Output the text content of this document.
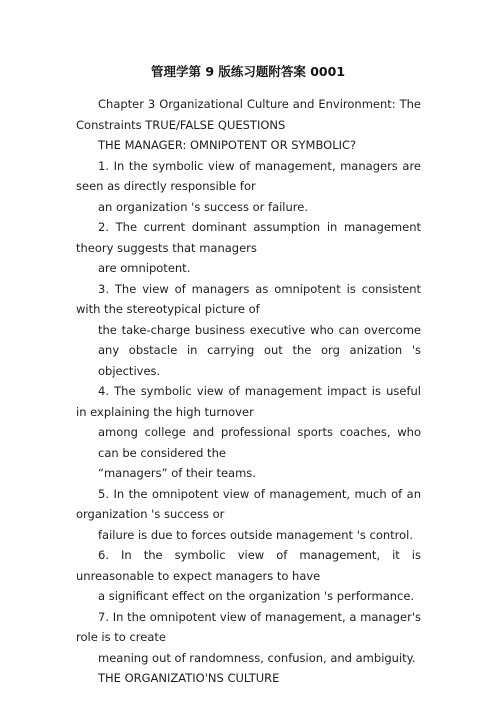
管理学第 9 版练习题附答案 0001

Chapter 3 Organizational Culture and Environment: The Constraints TRUE/FALSE QUESTIONS

THE MANAGER: OMNIPOTENT OR SYMBOLIC?

1. In the symbolic view of management, managers are seen as directly responsible for

an organization 's success or failure.

2. The current dominant assumption in management theory suggests that managers

are omnipotent.

3. The view of managers as omnipotent is consistent with the stereotypical picture of

the take-charge business executive who can overcome any obstacle in carrying out the org anization 's objectives.

4. The symbolic view of management impact is useful in explaining the high turnover

among college and professional sports coaches, who can be considered the

“managers” of their teams.

5. In the omnipotent view of management, much of an organization 's success or

failure is due to forces outside management 's control.

6. In the symbolic view of management, it is unreasonable to expect managers to have

a significant effect on the organization 's performance.

7. In the omnipotent view of management, a manager's role is to create

meaning out of randomness, confusion, and ambiguity.

THE ORGANIZATIO'NS CULTURE
